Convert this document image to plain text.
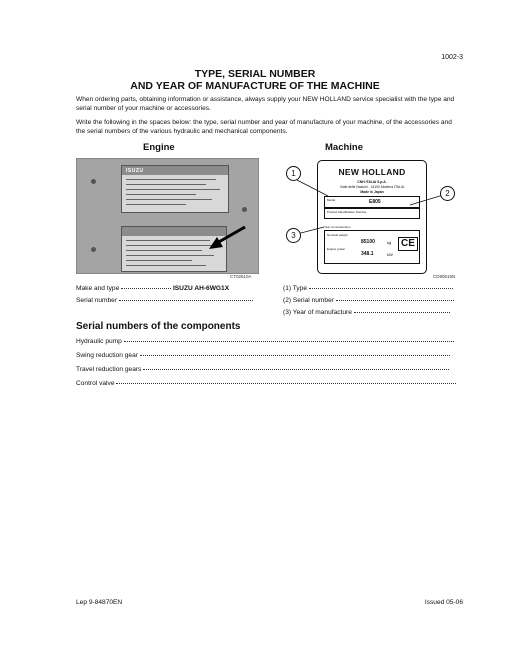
1002-3
TYPE, SERIAL NUMBER
AND YEAR OF MANUFACTURE OF THE MACHINE
When ordering parts, obtaining information or assistance, always supply your NEW HOLLAND service specialist with the type and serial number of your machine or accessories.
Write the following in the spaces below: the type, serial number and year of manufacture of your machine, of the accessories and the serial numbers of the various hydraulic and mechanical components.
Engine	Machine
ISUZU
CT02610A
NEW HOLLAND
CNH ITALIA S.p.A.
Viale delle Nazioni - 41100 Modena ITALIA
Made in Japan
Model	E805
Product Identification Number
Year of construction
Nominal weight
85100	kg
Engine power
348.1	kW
CE
1
2
3
CD90615N
Make and type	ISUZU AH-6WG1X
Serial number
(1) Type
(2) Serial number
(3) Year of manufacture
Serial numbers of the components
Hydraulic pump
Swing reduction gear
Travel reduction gears
Control valve
Lep 9-84870EN	Issued 05-06
